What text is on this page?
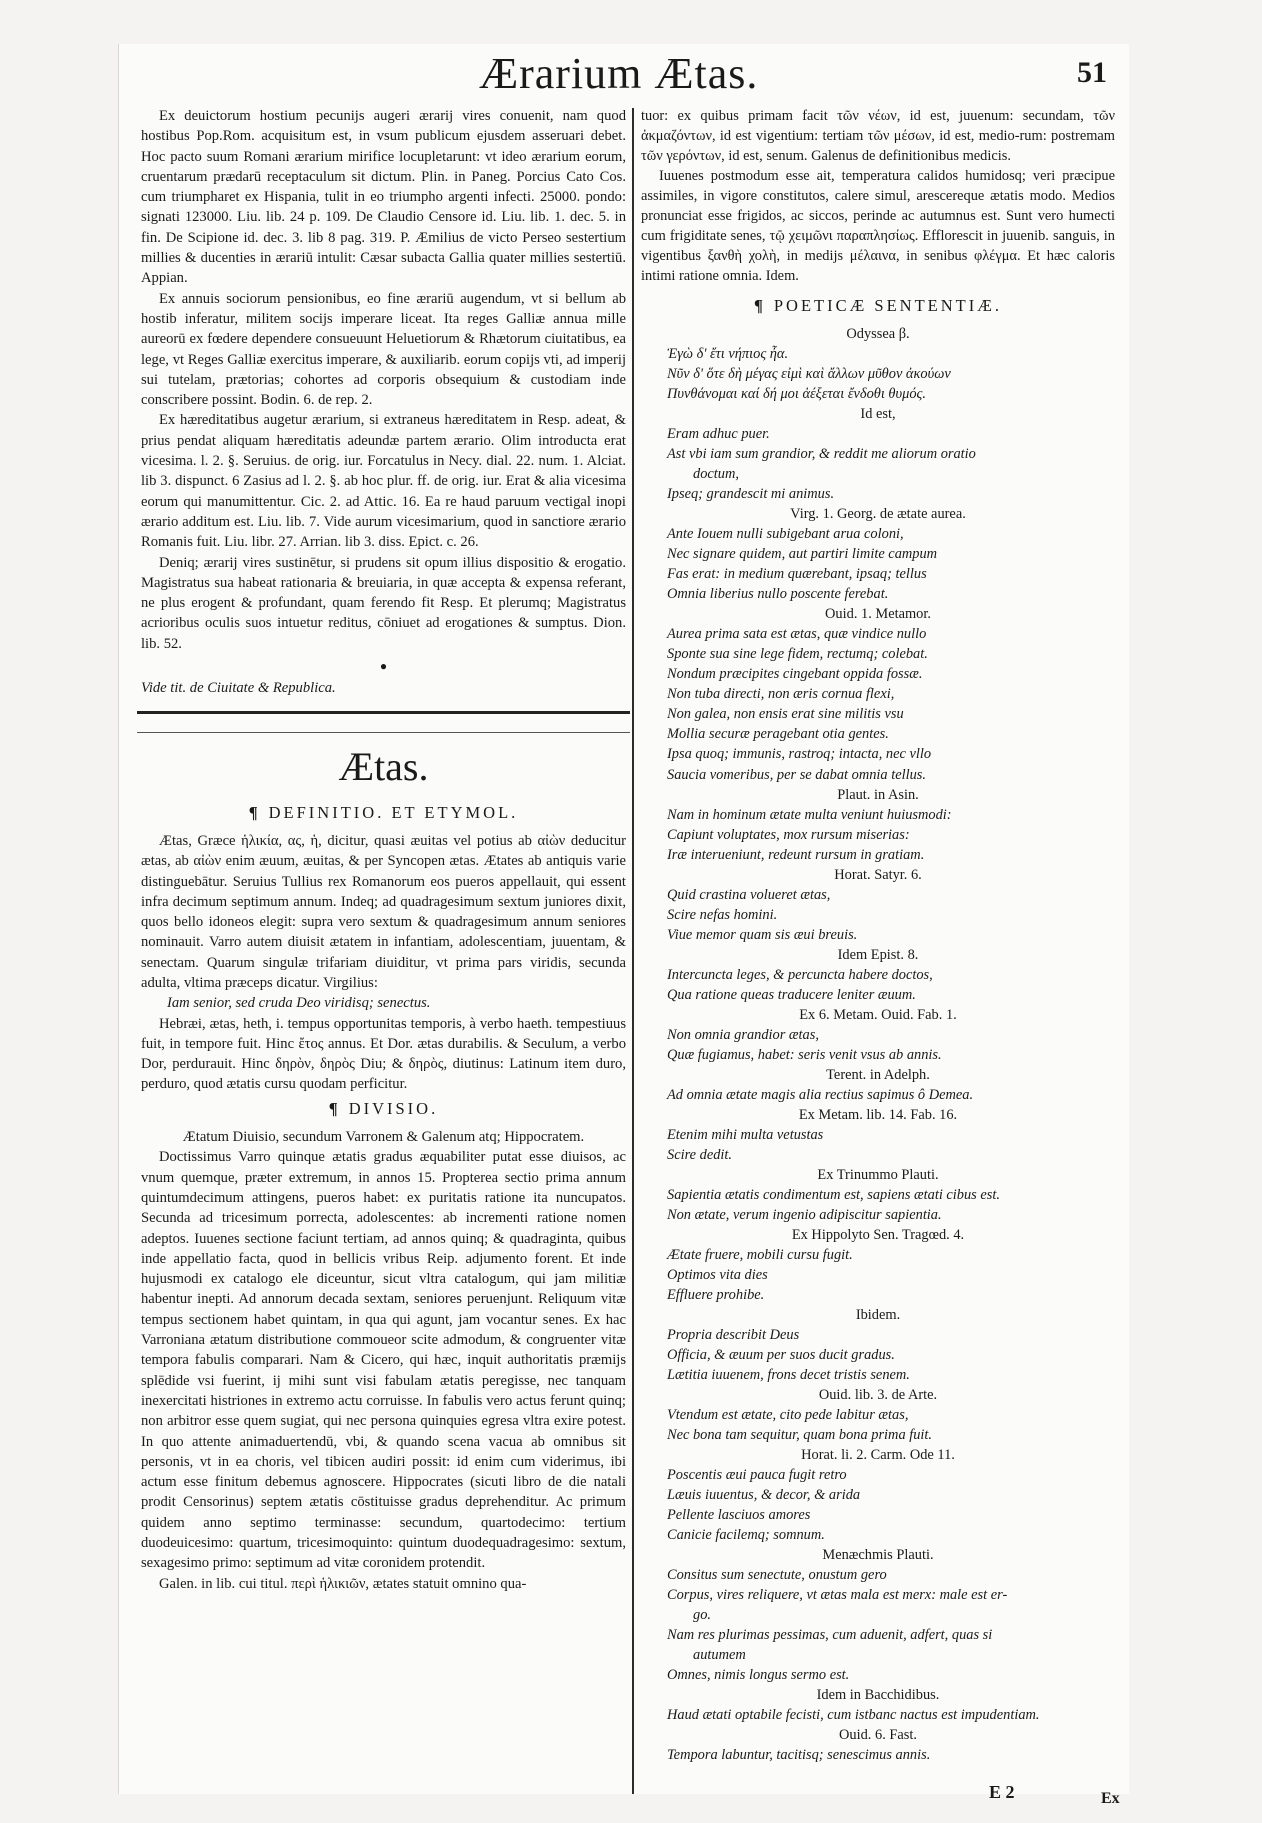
Ærarium Ætas.	51

Ex deuictorum hostium pecunijs augeri ærarij vires conuenit, nam quod hostibus Pop.Rom. acquisitum est, in vsum publicum ejusdem asseruari debet. Hoc pacto suum Romani ærarium mirifice locupletarunt: vt ideo ærarium eorum, cruentarum prædarū receptaculum sit dictum. Plin. in Paneg. Porcius Cato Cos. cum triumpharet ex Hispania, tulit in eo triumpho argenti infecti. 25000. pondo: signati 123000. Liu. lib. 24 p. 109. De Claudio Censore id. Liu. lib. 1. dec. 5. in fin. De Scipione id. dec. 3. lib 8 pag. 319. P. Æmilius de victo Perseo sestertium millies & ducenties in ærariū intulit: Cæsar subacta Gallia quater millies sestertiū. Appian.

Ex annuis sociorum pensionibus, eo fine ærariū augendum, vt si bellum ab hostib inferatur, militem socijs imperare liceat. Ita reges Galliæ annua mille aureorū ex fœdere dependere consueuunt Heluetiorum & Rhætorum ciuitatibus, ea lege, vt Reges Galliæ exercitus imperare, & auxiliarib. eorum copijs vti, ad imperij sui tutelam, prætorias; cohortes ad corporis obsequium & custodiam inde conscribere possint. Bodin. 6. de rep. 2.

Ex hæreditatibus augetur ærarium, si extraneus hæreditatem in Resp. adeat, & prius pendat aliquam hæreditatis adeundæ partem ærario. Olim introducta erat vicesima. l. 2. §. Seruius. de orig. iur. Forcatulus in Necy. dial. 22. num. 1. Alciat. lib 3. dispunct. 6 Zasius ad l. 2. §. ab hoc plur. ff. de orig. iur. Erat & alia vicesima eorum qui manumittentur. Cic. 2. ad Attic. 16. Ea re haud paruum vectigal inopi ærario additum est. Liu. lib. 7. Vide aurum vicesimarium, quod in sanctiore ærario Romanis fuit. Liu. libr. 27. Arrian. lib 3. diss. Epict. c. 26.

Deniq; ærarij vires sustinētur, si prudens sit opum illius dispositio & erogatio. Magistratus sua habeat rationaria & breuiaria, in quæ accepta & expensa referant, ne plus erogent & profundant, quam ferendo fit Resp. Et plerumq; Magistratus acrioribus oculis suos intuetur reditus, cōniuet ad erogationes & sumptus. Dion. lib. 52.

●

Vide tit. de Ciuitate & Republica.

Ætas.
¶ DEFINITIO. ET ETYMOL.

Ætas, Græce ἡλικία, ας, ἡ, dicitur, quasi æuitas vel potius ab αἰὼν deducitur ætas, ab αἰὼν enim æuum, æuitas, & per Syncopen ætas. Ætates ab antiquis varie distinguebātur. Seruius Tullius rex Romanorum eos pueros appellauit, qui essent infra decimum septimum annum. Indeq; ad quadragesimum sextum juniores dixit, quos bello idoneos elegit: supra vero sextum & quadragesimum annum seniores nominauit. Varro autem diuisit ætatem in infantiam, adolescentiam, juuentam, & senectam. Quarum singulæ trifariam diuiditur, vt prima pars viridis, secunda adulta, vltima præceps dicatur. Virgilius:

Iam senior, sed cruda Deo viridisq; senectus.

Hebræi, ætas, heth, i. tempus opportunitas temporis, à verbo haeth. tempestiuus fuit, in tempore fuit. Hinc ἔτος annus. Et Dor. ætas durabilis. & Seculum, a verbo Dor, perdurauit. Hinc δηρὸν, δηρὸς Diu; & δηρὸς, diutinus: Latinum item duro, perduro, quod ætatis cursu quodam perficitur.

¶ DIVISIO.

Ætatum Diuisio, secundum Varronem & Galenum atq; Hippocratem.

Doctissimus Varro quinque ætatis gradus æquabiliter putat esse diuisos, ac vnum quemque, præter extremum, in annos 15. Propterea sectio prima annum quintumdecimum attingens, pueros habet: ex puritatis ratione ita nuncupatos. Secunda ad tricesimum porrecta, adolescentes: ab incrementi ratione nomen adeptos. Iuuenes sectione faciunt tertiam, ad annos quinq; & quadraginta, quibus inde appellatio facta, quod in bellicis vribus Reip. adjumento forent. Et inde hujusmodi ex catalogo ele diceuntur, sicut vltra catalogum, qui jam militiæ habentur inepti. Ad annorum decada sextam, seniores peruenjunt. Reliquum vitæ tempus sectionem habet quintam, in qua qui agunt, jam vocantur senes. Ex hac Varroniana ætatum distributione commoueor scite admodum, & congruenter vitæ tempora fabulis comparari. Nam & Cicero, qui hæc, inquit authoritatis præmijs splēdide vsi fuerint, ij mihi sunt visi fabulam ætatis peregisse, nec tanquam inexercitati histriones in extremo actu corruisse. In fabulis vero actus ferunt quinq; non arbitror esse quem sugiat, qui nec persona quinquies egresa vltra exire potest. In quo attente animaduertendū, vbi, & quando scena vacua ab omnibus sit personis, vt in ea choris, vel tibicen audiri possit: id enim cum viderimus, ibi actum esse finitum debemus agnoscere. Hippocrates (sicuti libro de die natali prodit Censorinus) septem ætatis cōstituisse gradus deprehenditur. Ac primum quidem anno septimo terminasse: secundum, quartodecimo: tertium duodeuicesimo: quartum, tricesimoquinto: quintum duodequadragesimo: sextum, sexagesimo primo: septimum ad vitæ coronidem protendit.

Galen. in lib. cui titul. περὶ ἡλικιῶν, ætates statuit omnino qua-

tuor: ex quibus primam facit τῶν νέων, id est, juuenum: secundam, τῶν ἀκμαζόντων, id est vigentium: tertiam τῶν μέσων, id est, medio-rum: postremam τῶν γερόντων, id est, senum. Galenus de definitionibus medicis.

Iuuenes postmodum esse ait, temperatura calidos humidosq; veri præcipue assimiles, in vigore constitutos, calere simul, arescereque ætatis modo. Medios pronunciat esse frigidos, ac siccos, perinde ac autumnus est. Sunt vero humecti cum frigiditate senes, τῷ χειμῶνι παραπλησίως. Efflorescit in juuenib. sanguis, in vigentibus ξανθὴ χολὴ, in medijs μέλαινα, in senibus φλέγμα. Et hæc caloris intimi ratione omnia. Idem.

¶ POETICÆ SENTENTIÆ.

Odyssea β.

Ἐγὼ δ' ἔτι νήπιος ἦα.

Νῦν δ' ὅτε δὴ μέγας εἰμὶ καὶ ἄλλων μῦθον ἀκούων

Πυνθάνομαι καί δή μοι ἀέξεται ἔνδοθι θυμός.

Id est,

Eram adhuc puer.

Ast vbi iam sum grandior, & reddit me aliorum oratio

doctum,

Ipseq; grandescit mi animus.

Virg. 1. Georg. de ætate aurea.

Ante Iouem nulli subigebant arua coloni,

Nec signare quidem, aut partiri limite campum

Fas erat: in medium quærebant, ipsaq; tellus

Omnia liberius nullo poscente ferebat.

Ouid. 1. Metamor.

Aurea prima sata est ætas, quæ vindice nullo

Sponte sua sine lege fidem, rectumq; colebat.

Nondum præcipites cingebant oppida fossæ.

Non tuba directi, non æris cornua flexi,

Non galea, non ensis erat sine militis vsu

Mollia securæ peragebant otia gentes.

Ipsa quoq; immunis, rastroq; intacta, nec vllo

Saucia vomeribus, per se dabat omnia tellus.

Plaut. in Asin.

Nam in hominum ætate multa veniunt huiusmodi:

Capiunt voluptates, mox rursum miserias:

Iræ interueniunt, redeunt rursum in gratiam.

Horat. Satyr. 6.

Quid crastina volueret ætas,

Scire nefas homini.

Viue memor quam sis æui breuis.

Idem Epist. 8.

Intercuncta leges, & percuncta habere doctos,

Qua ratione queas traducere leniter æuum.

Ex 6. Metam. Ouid. Fab. 1.

Non omnia grandior ætas,

Quæ fugiamus, habet: seris venit vsus ab annis.

Terent. in Adelph.

Ad omnia ætate magis alia rectius sapimus ô Demea.

Ex Metam. lib. 14. Fab. 16.

Etenim mihi multa vetustas

Scire dedit.

Ex Trinummo Plauti.

Sapientia ætatis condimentum est, sapiens ætati cibus est.

Non ætate, verum ingenio adipiscitur sapientia.

Ex Hippolyto Sen. Tragœd. 4.

Ætate fruere, mobili cursu fugit.

Optimos vita dies

Effluere prohibe.

Ibidem.

Propria describit Deus

Officia, & æuum per suos ducit gradus.

Lætitia iuuenem, frons decet tristis senem.

Ouid. lib. 3. de Arte.

Vtendum est ætate, cito pede labitur ætas,

Nec bona tam sequitur, quam bona prima fuit.

Horat. li. 2. Carm. Ode 11.

Poscentis æui pauca fugit retro

Læuis iuuentus, & decor, & arida

Pellente lasciuos amores

Canicie facilemq; somnum.

Menæchmis Plauti.

Consitus sum senectute, onustum gero

Corpus, vires reliquere, vt ætas mala est merx: male est er-

go.

Nam res plurimas pessimas, cum aduenit, adfert, quas si

autumem

Omnes, nimis longus sermo est.

Idem in Bacchidibus.

Haud ætati optabile fecisti, cum istbanc nactus est impudentiam.

Ouid. 6. Fast.

Tempora labuntur, tacitisq; senescimus annis.

E 2	Ex
